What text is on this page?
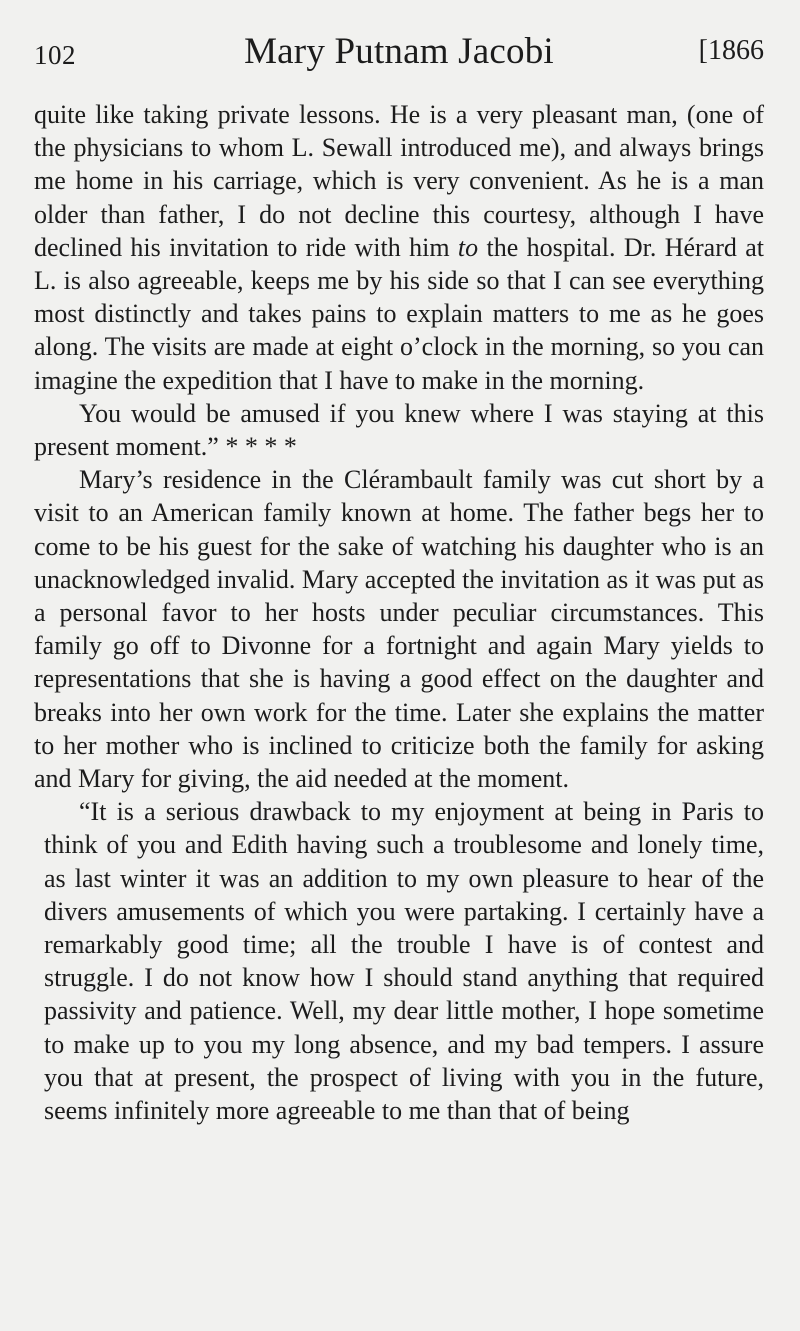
102	Mary Putnam Jacobi	[1866

quite like taking private lessons. He is a very pleasant man, (one of the physicians to whom L. Sewall introduced me), and always brings me home in his carriage, which is very convenient. As he is a man older than father, I do not decline this courtesy, although I have declined his invitation to ride with him to the hospital. Dr. Hérard at L. is also agreeable, keeps me by his side so that I can see everything most distinctly and takes pains to explain matters to me as he goes along. The visits are made at eight o’clock in the morning, so you can imagine the expedition that I have to make in the morning.

You would be amused if you knew where I was staying at this present moment.” * * * *

Mary’s residence in the Clérambault family was cut short by a visit to an American family known at home. The father begs her to come to be his guest for the sake of watching his daughter who is an unacknowledged invalid. Mary accepted the invitation as it was put as a personal favor to her hosts under peculiar circumstances. This family go off to Divonne for a fortnight and again Mary yields to representations that she is having a good effect on the daughter and breaks into her own work for the time. Later she explains the matter to her mother who is inclined to criticize both the family for asking and Mary for giving, the aid needed at the moment.

“It is a serious drawback to my enjoyment at being in Paris to think of you and Edith having such a troublesome and lonely time, as last winter it was an addition to my own pleasure to hear of the divers amusements of which you were partaking. I certainly have a remarkably good time; all the trouble I have is of contest and struggle. I do not know how I should stand anything that required passivity and patience. Well, my dear little mother, I hope sometime to make up to you my long absence, and my bad tempers. I assure you that at present, the prospect of living with you in the future, seems infinitely more agreeable to me than that of being
